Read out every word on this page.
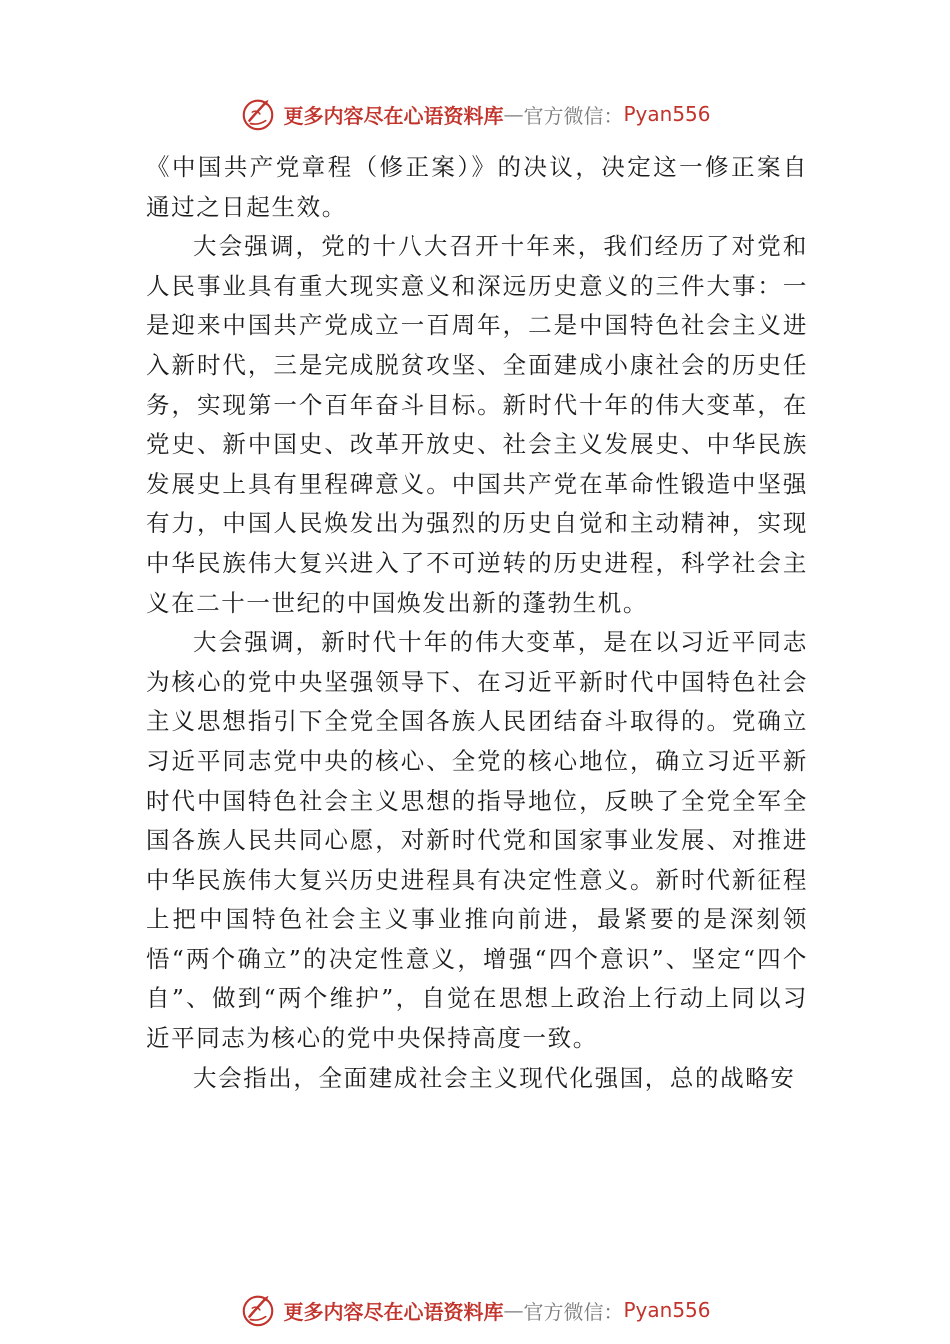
更多内容尽在心语资料库 — 官方微信： Pyan556

《中国共产党章程（修正案）》的决议，决定这一修正案自通过之日起生效。

大会强调，党的十八大召开十年来，我们经历了对党和人民事业具有重大现实意义和深远历史意义的三件大事：一是迎来中国共产党成立一百周年，二是中国特色社会主义进入新时代，三是完成脱贫攻坚、全面建成小康社会的历史任务，实现第一个百年奋斗目标。新时代十年的伟大变革，在党史、新中国史、改革开放史、社会主义发展史、中华民族发展史上具有里程碑意义。中国共产党在革命性锻造中坚强有力，中国人民焕发出为强烈的历史自觉和主动精神，实现中华民族伟大复兴进入了不可逆转的历史进程，科学社会主义在二十一世纪的中国焕发出新的蓬勃生机。

大会强调，新时代十年的伟大变革，是在以习近平同志为核心的党中央坚强领导下、在习近平新时代中国特色社会主义思想指引下全党全国各族人民团结奋斗取得的。党确立习近平同志党中央的核心、全党的核心地位，确立习近平新时代中国特色社会主义思想的指导地位，反映了全党全军全国各族人民共同心愿，对新时代党和国家事业发展、对推进中华民族伟大复兴历史进程具有决定性意义。新时代新征程上把中国特色社会主义事业推向前进，最紧要的是深刻领悟“两个确立”的决定性意义，增强“四个意识”、坚定“四个自”、做到“两个维护”，自觉在思想上政治上行动上同以习近平同志为核心的党中央保持高度一致。

大会指出，全面建成社会主义现代化强国，总的战略安

更多内容尽在心语资料库 — 官方微信： Pyan556
